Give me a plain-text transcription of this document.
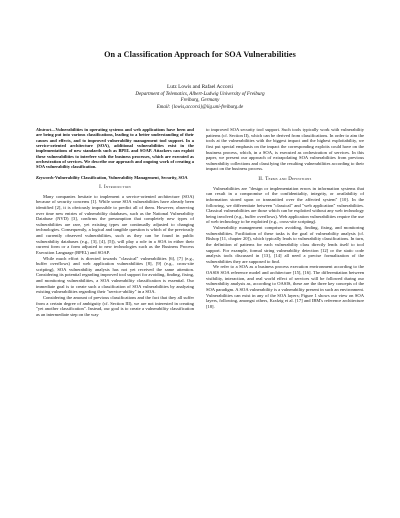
On a Classification Approach for SOA Vulnerabilities
Lutz Lowis and Rafael Accorsi
Department of Telematics, Albert-Ludwig University of Freiburg
Freiburg, Germany
Email: {lowis,accorsi}@iig.uni-freiburg.de
Abstract—Vulnerabilities in operating systems and web applications have been and are being put into various classifications, leading to a better understanding of their causes and effects, and to improved vulnerability management tool support. In a service-oriented architecture (SOA), additional vulnerabilities exist in the implementations of new standards such as BPEL and SOAP. Attackers can exploit these vulnerabilities to interfere with the business processes, which are executed as orchestration of services. We describe our approach and ongoing work of creating a SOA vulnerability classification.
Keywords-Vulnerability Classification, Vulnerability Management, Security, SOA
I. Introduction

Many companies hesitate to implement a service-oriented architecture (SOA) because of security concerns [1]. While some SOA vulnerabilities have already been identified [2], it is obviously impossible to predict all of them. However, observing over time new entries of vulnerability databases, such as the National Vulnerability Database (NVD) [3], confirms the presumption that completely new types of vulnerabilities are rare, yet existing types are continually adjusted to changing technologies. Consequently, a logical and tangible question is which of the previously and currently observed vulnerabilities, such as they can be found in public vulnerability databases (e.g., [3], [4], [5]), will play a role in a SOA in either their current form or a form adjusted to new technologies such as the Business Process Execution Language (BPEL) and SOAP.

While much effort is directed towards "classical" vulnerabilities [6], [7] (e.g., buffer overflows) and web application vulnerabilities [8], [9] (e.g., cross-site scripting), SOA vulnerability analysis has not yet received the same attention. Considering its potential regarding improved tool support for avoiding, finding, fixing, and monitoring vulnerabilities, a SOA vulnerability classification is essential. Our immediate goal is to create such a classification of SOA vulnerabilities by analyzing existing vulnerabilities regarding their "service-ability" in a SOA.

Considering the amount of previous classifications and the fact that they all suffer from a certain degree of ambiguity (cf. Section III), we are not interested in creating "yet another classification". Instead, our goal is to create a vulnerability classification as an intermediate step on the way

to improved SOA security tool support. Such tools typically work with vulnerability patterns (cf. Section II), which can be derived from classifications. In order to aim the tools at the vulnerabilities with the biggest impact and the highest exploitability, we first put special emphasis on the impact the corresponding exploits could have on the business process, which, in a SOA, is executed as orchestration of services. In this paper, we present our approach of extrapolating SOA vulnerabilities from previous vulnerability collections and classifying the resulting vulnerabilities according to their impact on the business process.

II. Terms and Definitions

Vulnerabilities are "design or implementation errors in information systems that can result in a compromise of the confidentiality, integrity, or availability of information stored upon or transmitted over the affected system" [10]. In the following, we differentiate between "classical" and "web application" vulnerabilities. Classical vulnerabilities are those which can be exploited without any web technology being involved (e.g., buffer overflows). Web application vulnerabilities require the use of web technology to be exploited (e.g., cross-site scripting).

Vulnerability management comprises avoiding, finding, fixing, and monitoring vulnerabilities. Facilitation of these tasks is the goal of vulnerability analysis (cf. Bishop [11, chapter 20]), which typically leads to vulnerability classifications. In turn, the definition of patterns for each vulnerability class directly lends itself to tool support. For example, formal string vulnerability detection [12] or the static code analysis tools discussed in [13], [14] all need a precise formalization of the vulnerabilities they are supposed to find.

We refer to a SOA as a business process execution environment according to the OASIS SOA reference model and architecture [15], [16]. The differentiation between visibility, interaction, and real world effect of services will be followed during our vulnerability analysis as, according to OASIS, these are the three key concepts of the SOA paradigm. A SOA vulnerability is a vulnerability present in such an environment. Vulnerabilities can exist in any of the SOA layers; Figure 1 shows our view on SOA layers, following, amongst others, Krafzig et al. [17] and IBM's reference architecture [18].
